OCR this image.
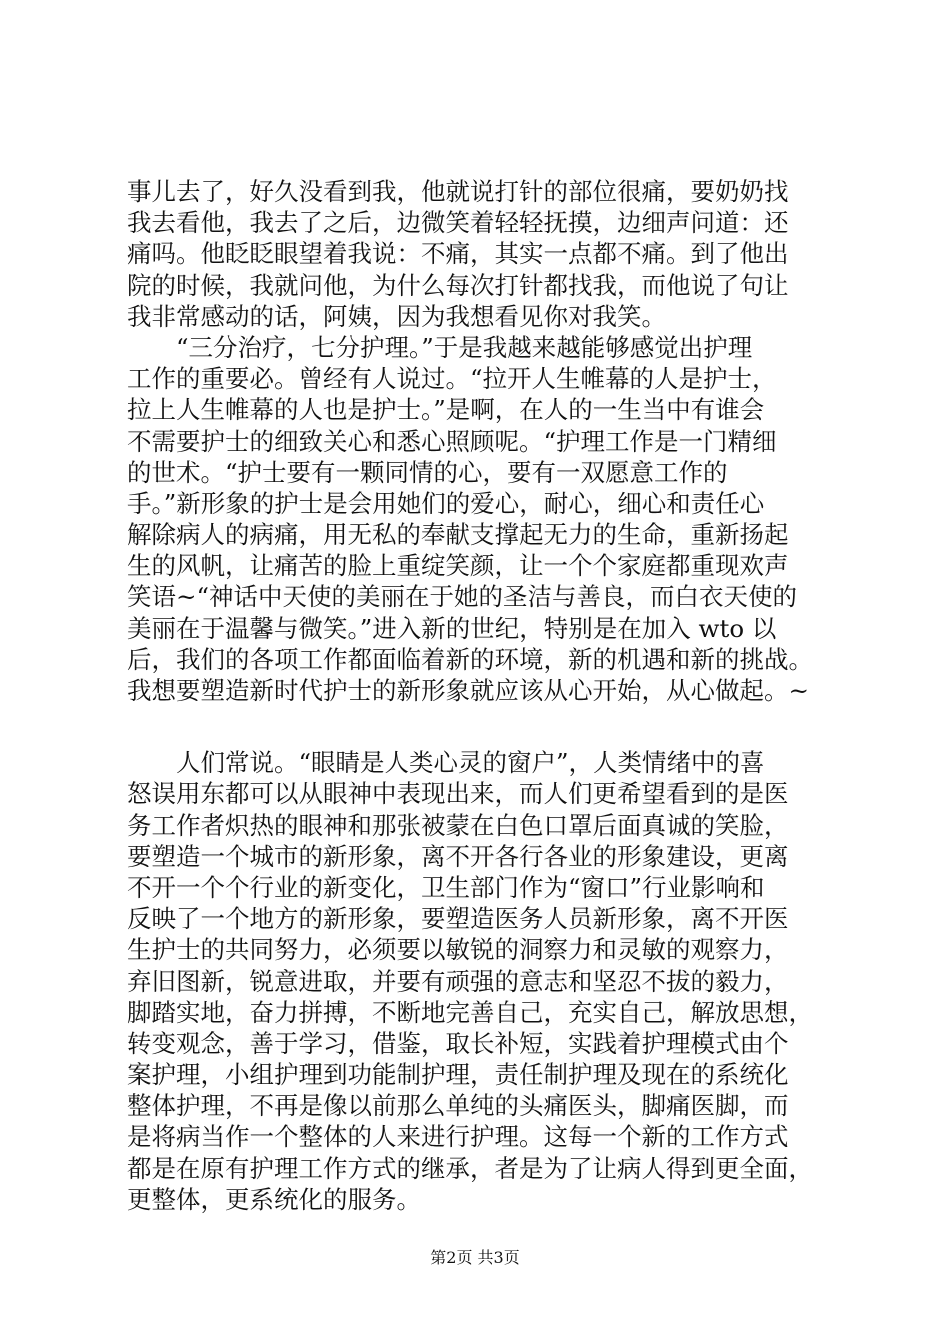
事儿去了，好久没看到我，他就说打针的部位很痛，要奶奶找
我去看他，我去了之后，边微笑着轻轻抚摸，边细声问道：还
痛吗。他眨眨眼望着我说：不痛，其实一点都不痛。到了他出
院的时候，我就问他，为什么每次打针都找我，而他说了句让
我非常感动的话，阿姨，因为我想看见你对我笑。
“三分治疗，七分护理。”于是我越来越能够感觉出护理
工作的重要必。曾经有人说过。“拉开人生帷幕的人是护士，
拉上人生帷幕的人也是护士。”是啊，在人的一生当中有谁会
不需要护士的细致关心和悉心照顾呢。“护理工作是一门精细
的世术。“护士要有一颗同情的心，要有一双愿意工作的
手。”新形象的护士是会用她们的爱心，耐心，细心和责任心
解除病人的病痛，用无私的奉献支撑起无力的生命，重新扬起
生的风帆，让痛苦的脸上重绽笑颜，让一个个家庭都重现欢声
笑语~“神话中天使的美丽在于她的圣洁与善良，而白衣天使的
美丽在于温馨与微笑。”进入新的世纪，特别是在加入 wto 以
后，我们的各项工作都面临着新的环境，新的机遇和新的挑战。
我想要塑造新时代护士的新形象就应该从心开始，从心做起。~
人们常说。“眼睛是人类心灵的窗户”，人类情绪中的喜
怒误用东都可以从眼神中表现出来，而人们更希望看到的是医
务工作者炽热的眼神和那张被蒙在白色口罩后面真诚的笑脸，
要塑造一个城市的新形象，离不开各行各业的形象建设，更离
不开一个个行业的新变化，卫生部门作为“窗口”行业影响和
反映了一个地方的新形象，要塑造医务人员新形象，离不开医
生护士的共同努力，必须要以敏锐的洞察力和灵敏的观察力，
弃旧图新，锐意进取，并要有顽强的意志和坚忍不拔的毅力，
脚踏实地，奋力拼搏，不断地完善自己，充实自己，解放思想，
转变观念，善于学习，借鉴，取长补短，实践着护理模式由个
案护理，小组护理到功能制护理，责任制护理及现在的系统化
整体护理，不再是像以前那么单纯的头痛医头，脚痛医脚，而
是将病当作一个整体的人来进行护理。这每一个新的工作方式
都是在原有护理工作方式的继承，者是为了让病人得到更全面，
更整体，更系统化的服务。
第2页 共3页
